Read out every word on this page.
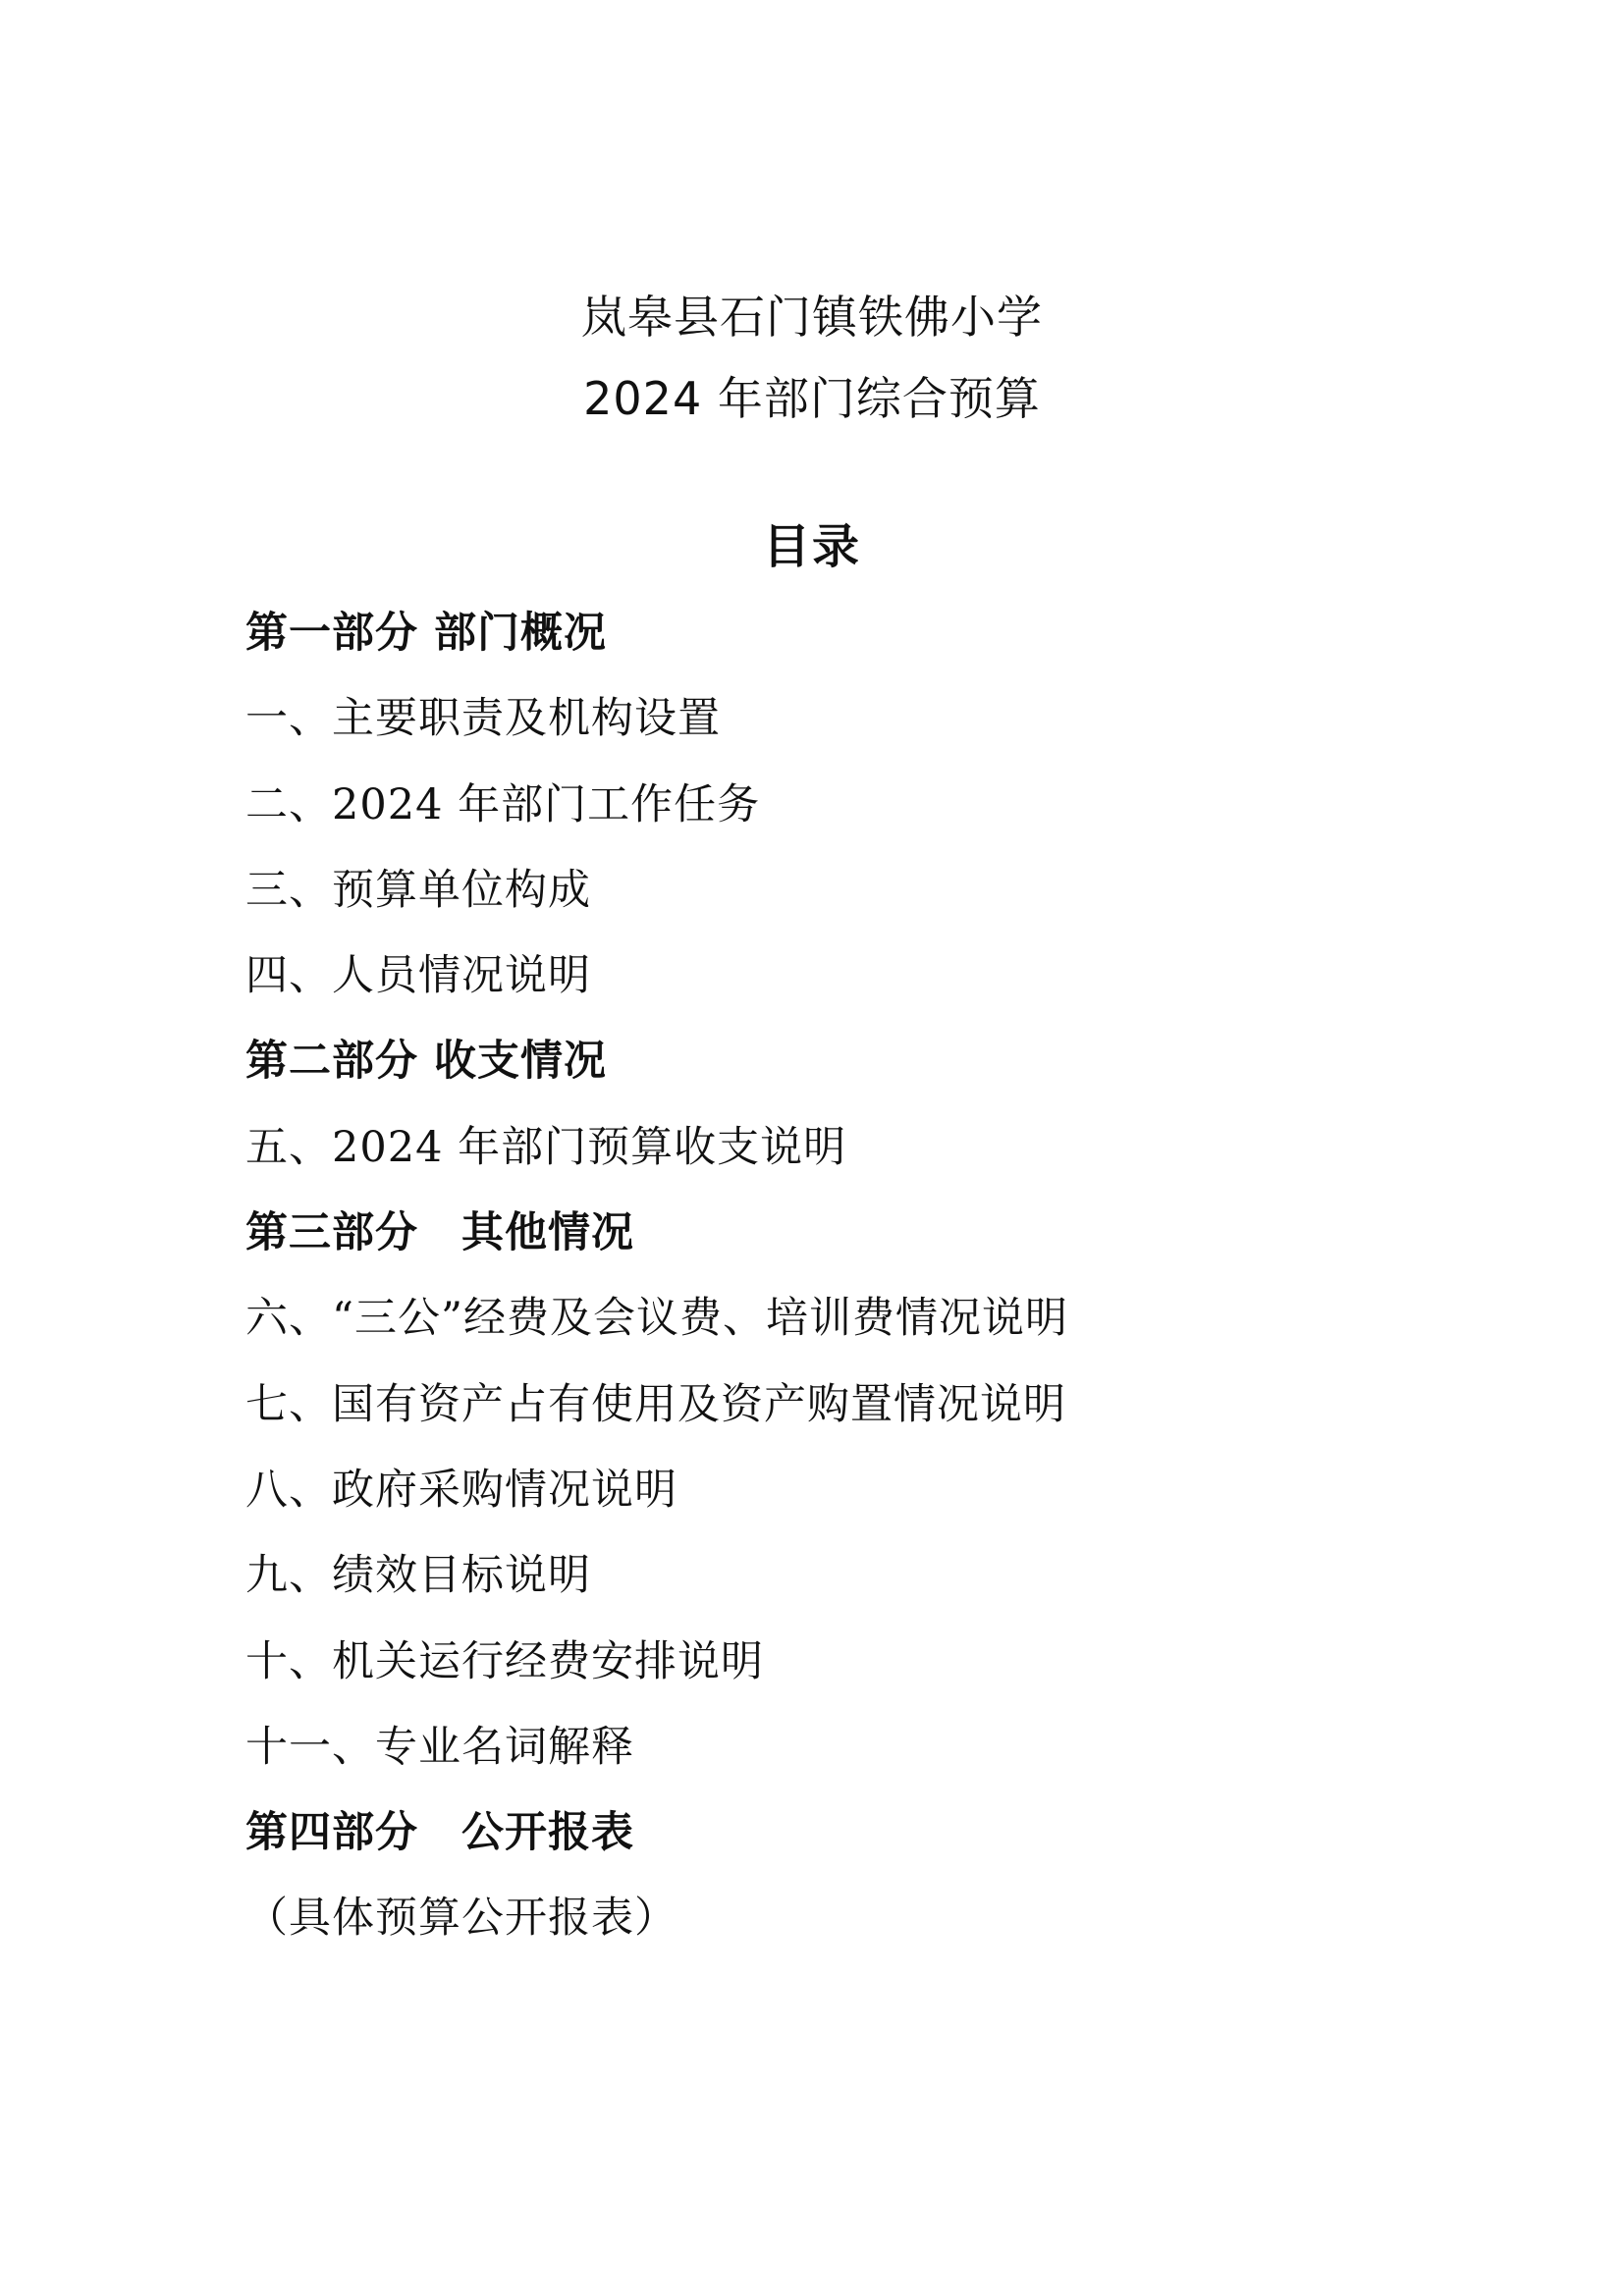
岚皋县石门镇铁佛小学
2024 年部门综合预算
目录
第一部分 部门概况
一、主要职责及机构设置
二、2024 年部门工作任务
三、预算单位构成
四、人员情况说明
第二部分 收支情况
五、2024 年部门预算收支说明
第三部分　其他情况
六、“三公”经费及会议费、培训费情况说明
七、国有资产占有使用及资产购置情况说明
八、政府采购情况说明
九、绩效目标说明
十、机关运行经费安排说明
十一、专业名词解释
第四部分　公开报表
（具体预算公开报表）
